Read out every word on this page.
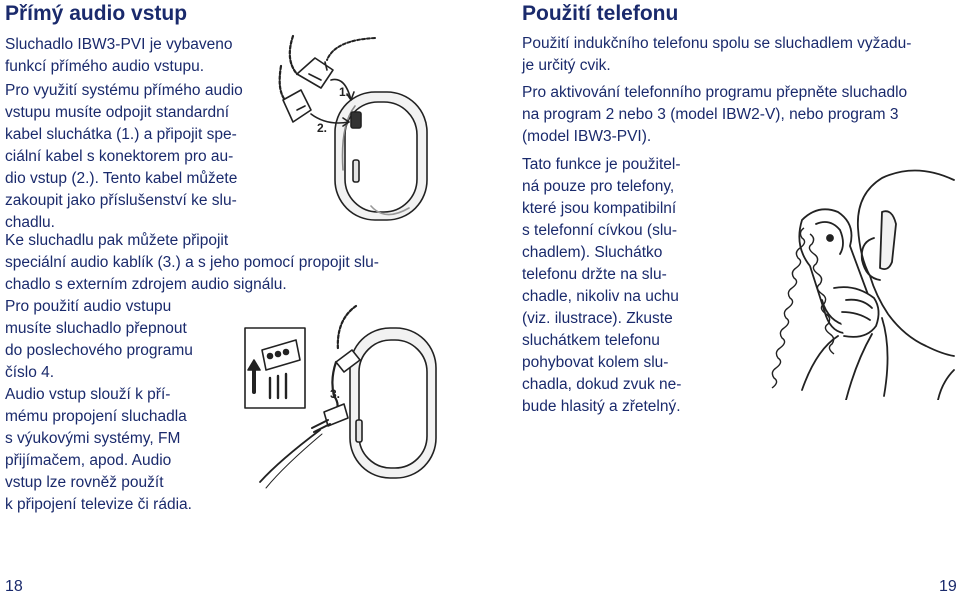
Přímý audio vstup

Sluchadlo IBW3-PVI je vybaveno
funkcí přímého audio vstupu.

Pro využití systému přímého audio
vstupu musíte odpojit standardní
kabel sluchátka (1.) a připojit spe-
ciální kabel s konektorem pro au-
dio vstup (2.). Tento kabel můžete
zakoupit jako příslušenství ke slu-
chadlu.

Ke sluchadlu pak můžete připojit
speciální audio kablík (3.) a s jeho pomocí propojit slu-
chadlo s externím zdrojem audio signálu.

Pro použití audio vstupu
musíte sluchadlo přepnout
do poslechového programu
číslo 4.

Audio vstup slouží k pří-
mému propojení sluchadla
s výukovými systémy, FM
přijímačem, apod. Audio
vstup lze rovněž použít
k připojení televize či rádia.

1.
2.
3.
18
Použití telefonu

Použití indukčního telefonu spolu se sluchadlem vyžadu-
je určitý cvik.

Pro aktivování telefonního programu přepněte sluchadlo
na program 2 nebo 3 (model IBW2-V), nebo program 3
(model IBW3-PVI).

Tato funkce je použitel-
ná pouze pro telefony,
které jsou kompatibilní
s telefonní cívkou (slu-
chadlem). Sluchátko
telefonu držte na slu-
chadle, nikoliv na uchu
(viz. ilustrace). Zkuste
sluchátkem telefonu
pohybovat kolem slu-
chadla, dokud zvuk ne-
bude hlasitý a zřetelný.

19
